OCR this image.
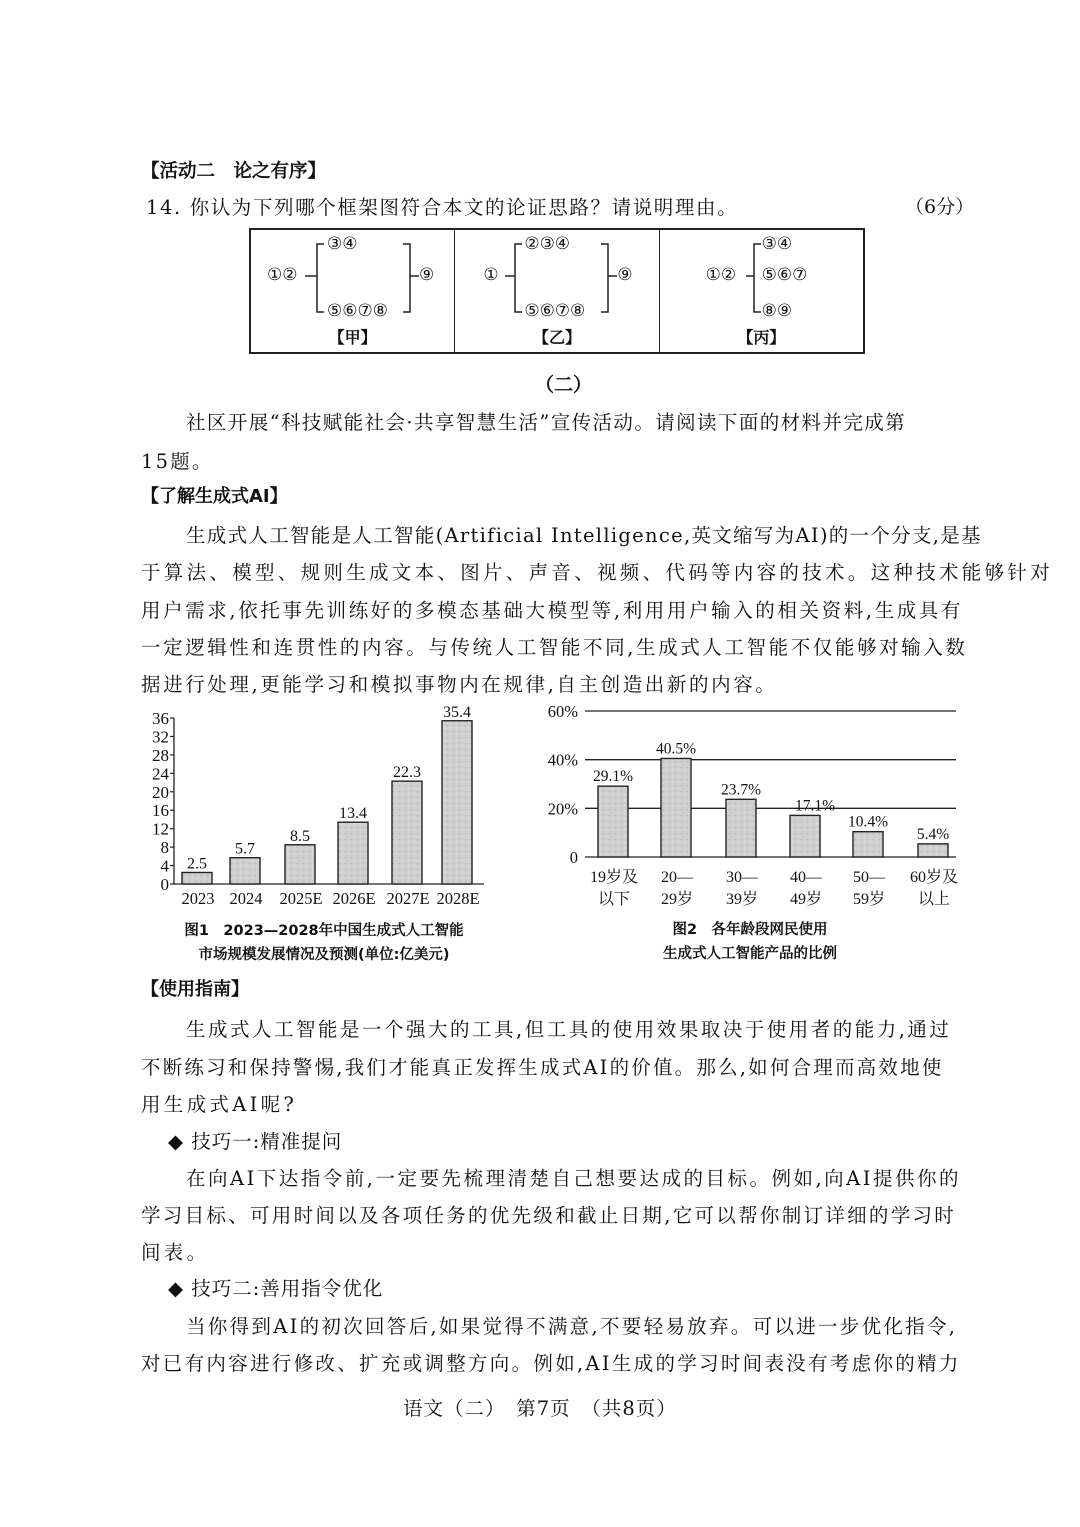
【活动二　论之有序】
14. 你认为下列哪个框架图符合本文的论证思路？请说明理由。	（6分）
①②
③④
⑤⑥⑦⑧
⑨
【甲】
①
②③④
⑤⑥⑦⑧
⑨
【乙】
①②
③④
⑤⑥⑦
⑧⑨
【丙】
（二）
社区开展“科技赋能社会·共享智慧生活”宣传活动。请阅读下面的材料并完成第
15题。
【了解生成式AI】
生成式人工智能是人工智能(Artificial Intelligence,英文缩写为AI)的一个分支,是基
于算法、模型、规则生成文本、图片、声音、视频、代码等内容的技术。这种技术能够针对
用户需求,依托事先训练好的多模态基础大模型等,利用用户输入的相关资料,生成具有
一定逻辑性和连贯性的内容。与传统人工智能不同,生成式人工智能不仅能够对输入数
据进行处理,更能学习和模拟事物内在规律,自主创造出新的内容。
0
4
8
12
16
20
24
28
32
36
2.5
2023
5.7
2024
8.5
2025E
13.4
2026E
22.3
2027E
35.4
2028E
图1　2023—2028年中国生成式人工智能
市场规模发展情况及预测(单位:亿美元)
0
20%
40%
60%
29.1%
19岁及
以下
40.5%
20—
29岁
23.7%
30—
39岁
17.1%
40—
49岁
10.4%
50—
59岁
5.4%
60岁及
以上
图2　各年龄段网民使用
生成式人工智能产品的比例
【使用指南】
生成式人工智能是一个强大的工具,但工具的使用效果取决于使用者的能力,通过
不断练习和保持警惕,我们才能真正发挥生成式AI的价值。那么,如何合理而高效地使
用生成式AI呢?
◆ 技巧一:精准提问
在向AI下达指令前,一定要先梳理清楚自己想要达成的目标。例如,向AI提供你的
学习目标、可用时间以及各项任务的优先级和截止日期,它可以帮你制订详细的学习时
间表。
◆ 技巧二:善用指令优化
当你得到AI的初次回答后,如果觉得不满意,不要轻易放弃。可以进一步优化指令,
对已有内容进行修改、扩充或调整方向。例如,AI生成的学习时间表没有考虑你的精力
语文（二）　第7页　（共8页）
